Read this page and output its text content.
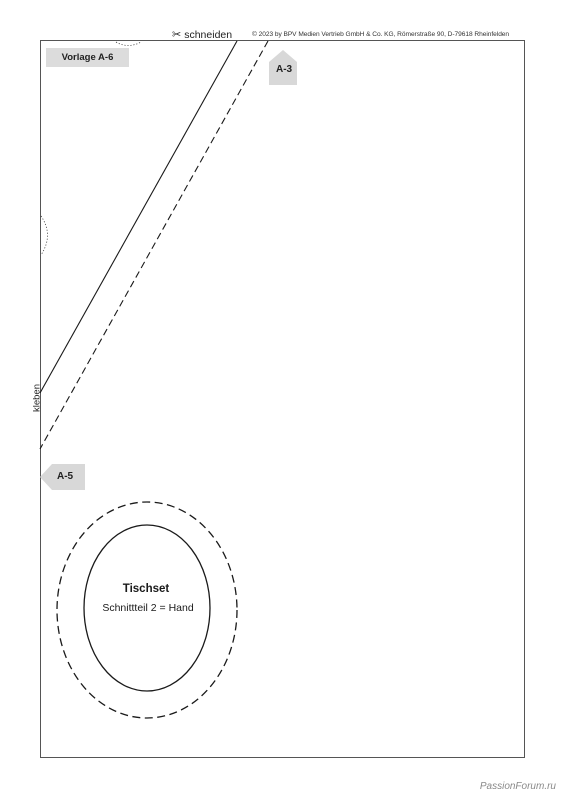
✂ schneiden	© 2023 by BPV Medien Vertrieb GmbH & Co. KG, Römerstraße 90, D-79618 Rheinfelden
Vorlage A-6
A-3
A-5
kleben
Tischset
Schnittteil 2 = Hand
PassionForum.ru
